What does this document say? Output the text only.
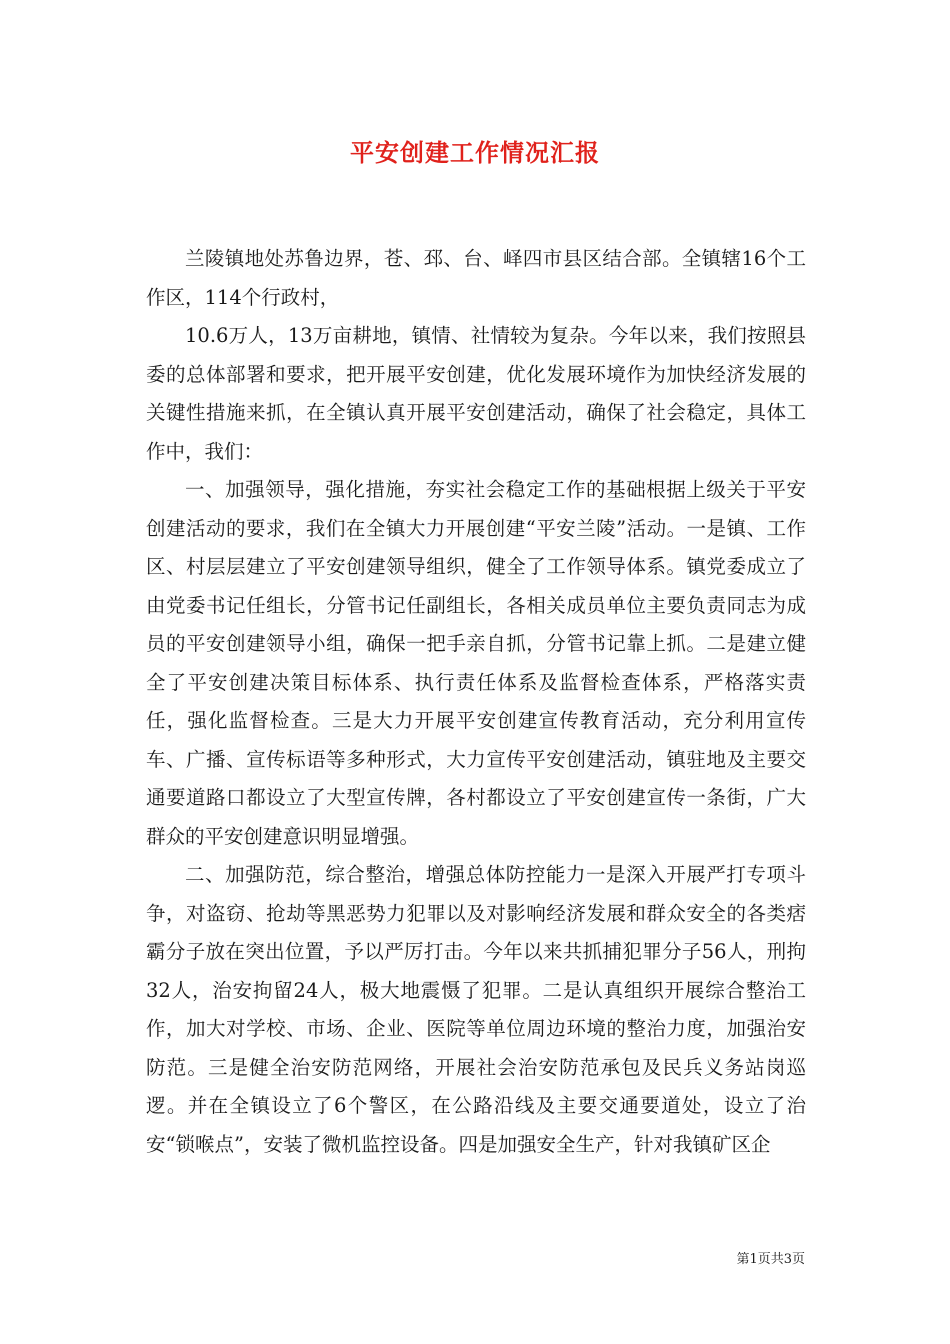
平安创建工作情况汇报

兰陵镇地处苏鲁边界，苍、邳、台、峄四市县区结合部。全镇辖16个工作区，114个行政村，

10.6万人，13万亩耕地，镇情、社情较为复杂。今年以来，我们按照县委的总体部署和要求，把开展平安创建，优化发展环境作为加快经济发展的关键性措施来抓，在全镇认真开展平安创建活动，确保了社会稳定，具体工作中，我们：

一、加强领导，强化措施，夯实社会稳定工作的基础根据上级关于平安创建活动的要求，我们在全镇大力开展创建“平安兰陵”活动。一是镇、工作区、村层层建立了平安创建领导组织，健全了工作领导体系。镇党委成立了由党委书记任组长，分管书记任副组长，各相关成员单位主要负责同志为成员的平安创建领导小组，确保一把手亲自抓，分管书记靠上抓。二是建立健全了平安创建决策目标体系、执行责任体系及监督检查体系，严格落实责任，强化监督检查。三是大力开展平安创建宣传教育活动，充分利用宣传车、广播、宣传标语等多种形式，大力宣传平安创建活动，镇驻地及主要交通要道路口都设立了大型宣传牌，各村都设立了平安创建宣传一条街，广大群众的平安创建意识明显增强。

二、加强防范，综合整治，增强总体防控能力一是深入开展严打专项斗争，对盗窃、抢劫等黑恶势力犯罪以及对影响经济发展和群众安全的各类痞霸分子放在突出位置，予以严厉打击。今年以来共抓捕犯罪分子56人，刑拘32人，治安拘留24人，极大地震慑了犯罪。二是认真组织开展综合整治工作，加大对学校、市场、企业、医院等单位周边环境的整治力度，加强治安防范。三是健全治安防范网络，开展社会治安防范承包及民兵义务站岗巡逻。并在全镇设立了6个警区，在公路沿线及主要交通要道处，设立了治安“锁喉点”，安装了微机监控设备。四是加强安全生产，针对我镇矿区企

第1页共3页
